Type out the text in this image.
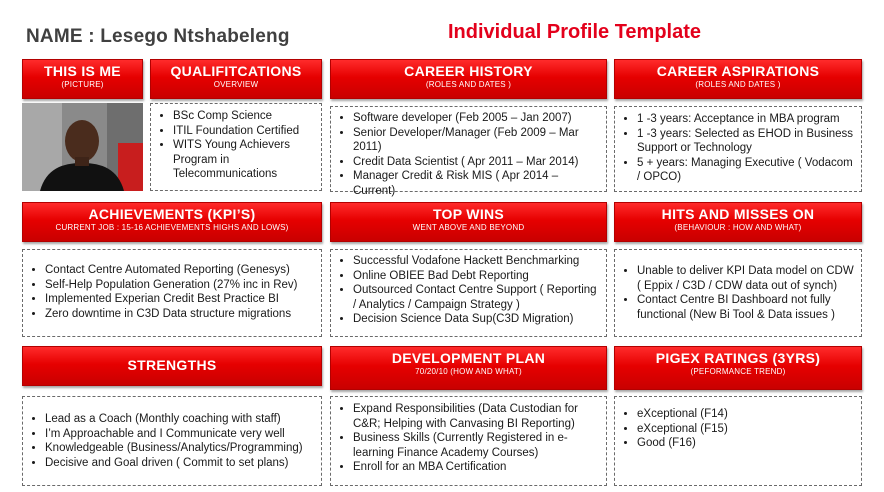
NAME : Lesego Ntshabeleng	Individual Profile Template
THIS IS ME
(PICTURE)
QUALIFITCATIONS
OVERVIEW
• BSc Comp Science
• ITIL Foundation Certified
• WITS Young Achievers Program in Telecommunications
CAREER HISTORY
(ROLES AND DATES )
• Software developer (Feb 2005 – Jan 2007)
• Senior Developer/Manager (Feb 2009 – Mar 2011)
• Credit Data Scientist ( Apr 2011 – Mar 2014)
• Manager Credit & Risk MIS ( Apr 2014 – Current)
CAREER ASPIRATIONS
(ROLES AND DATES )
• 1 -3 years: Acceptance in MBA program
• 1 -3 years: Selected as EHOD in Business Support or Technology
• 5 + years: Managing Executive ( Vodacom / OPCO)
ACHIEVEMENTS (KPI’S)
CURRENT JOB : 15-16 ACHIEVEMENTS HIGHS AND LOWS)
• Contact Centre Automated Reporting (Genesys)
• Self-Help Population Generation (27% inc in Rev)
• Implemented Experian Credit Best Practice BI
• Zero downtime in C3D Data structure migrations
TOP WINS
WENT ABOVE AND BEYOND
• Successful Vodafone Hackett Benchmarking
• Online OBIEE Bad Debt Reporting
• Outsourced Contact Centre Support ( Reporting / Analytics / Campaign Strategy )
• Decision Science Data Sup(C3D Migration)
HITS AND MISSES ON
(BEHAVIOUR : HOW AND WHAT)
• Unable to deliver KPI Data model on CDW ( Eppix / C3D / CDW data out of synch)
• Contact Centre BI Dashboard not fully functional (New Bi Tool & Data issues )
STRENGTHS
• Lead as a Coach (Monthly coaching with staff)
• I’m Approachable and I Communicate very well
• Knowledgeable (Business/Analytics/Programming)
• Decisive and Goal driven ( Commit to set plans)
DEVELOPMENT PLAN
70/20/10 (HOW AND WHAT)
• Expand Responsibilities (Data Custodian for C&R; Helping with Canvasing BI Reporting)
• Business Skills (Currently Registered in e-learning Finance Academy Courses)
• Enroll for an MBA Certification
PIGEX RATINGS (3YRS)
(PEFORMANCE TREND)
• eXceptional (F14)
• eXceptional (F15)
• Good (F16)
